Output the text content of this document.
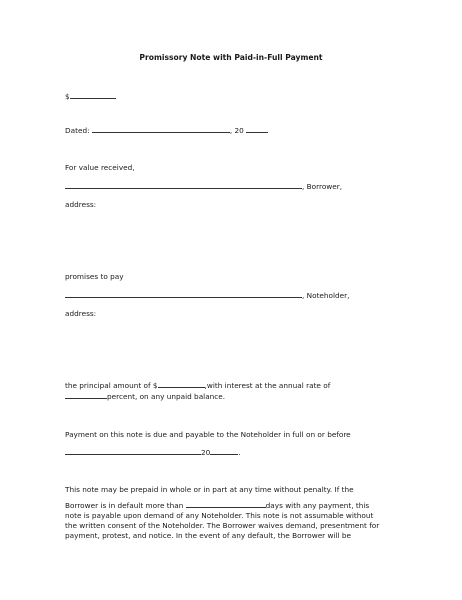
Promissory Note with Paid-in-Full Payment
$
Dated:	, 20
For value received,
, Borrower,
address:
promises to pay
, Noteholder,
address:
the principal amount of $	,with interest at the annual rate of
percent, on any unpaid balance.
Payment on this note is due and payable to the Noteholder in full on or before
20	.
This note may be prepaid in whole or in part at any time without penalty. If the
Borrower is in default more than	days with any payment, this
note is payable upon demand of any Noteholder. This note is not assumable without
the written consent of the Noteholder. The Borrower waives demand, presentment for
payment, protest, and notice. In the event of any default, the Borrower will be
